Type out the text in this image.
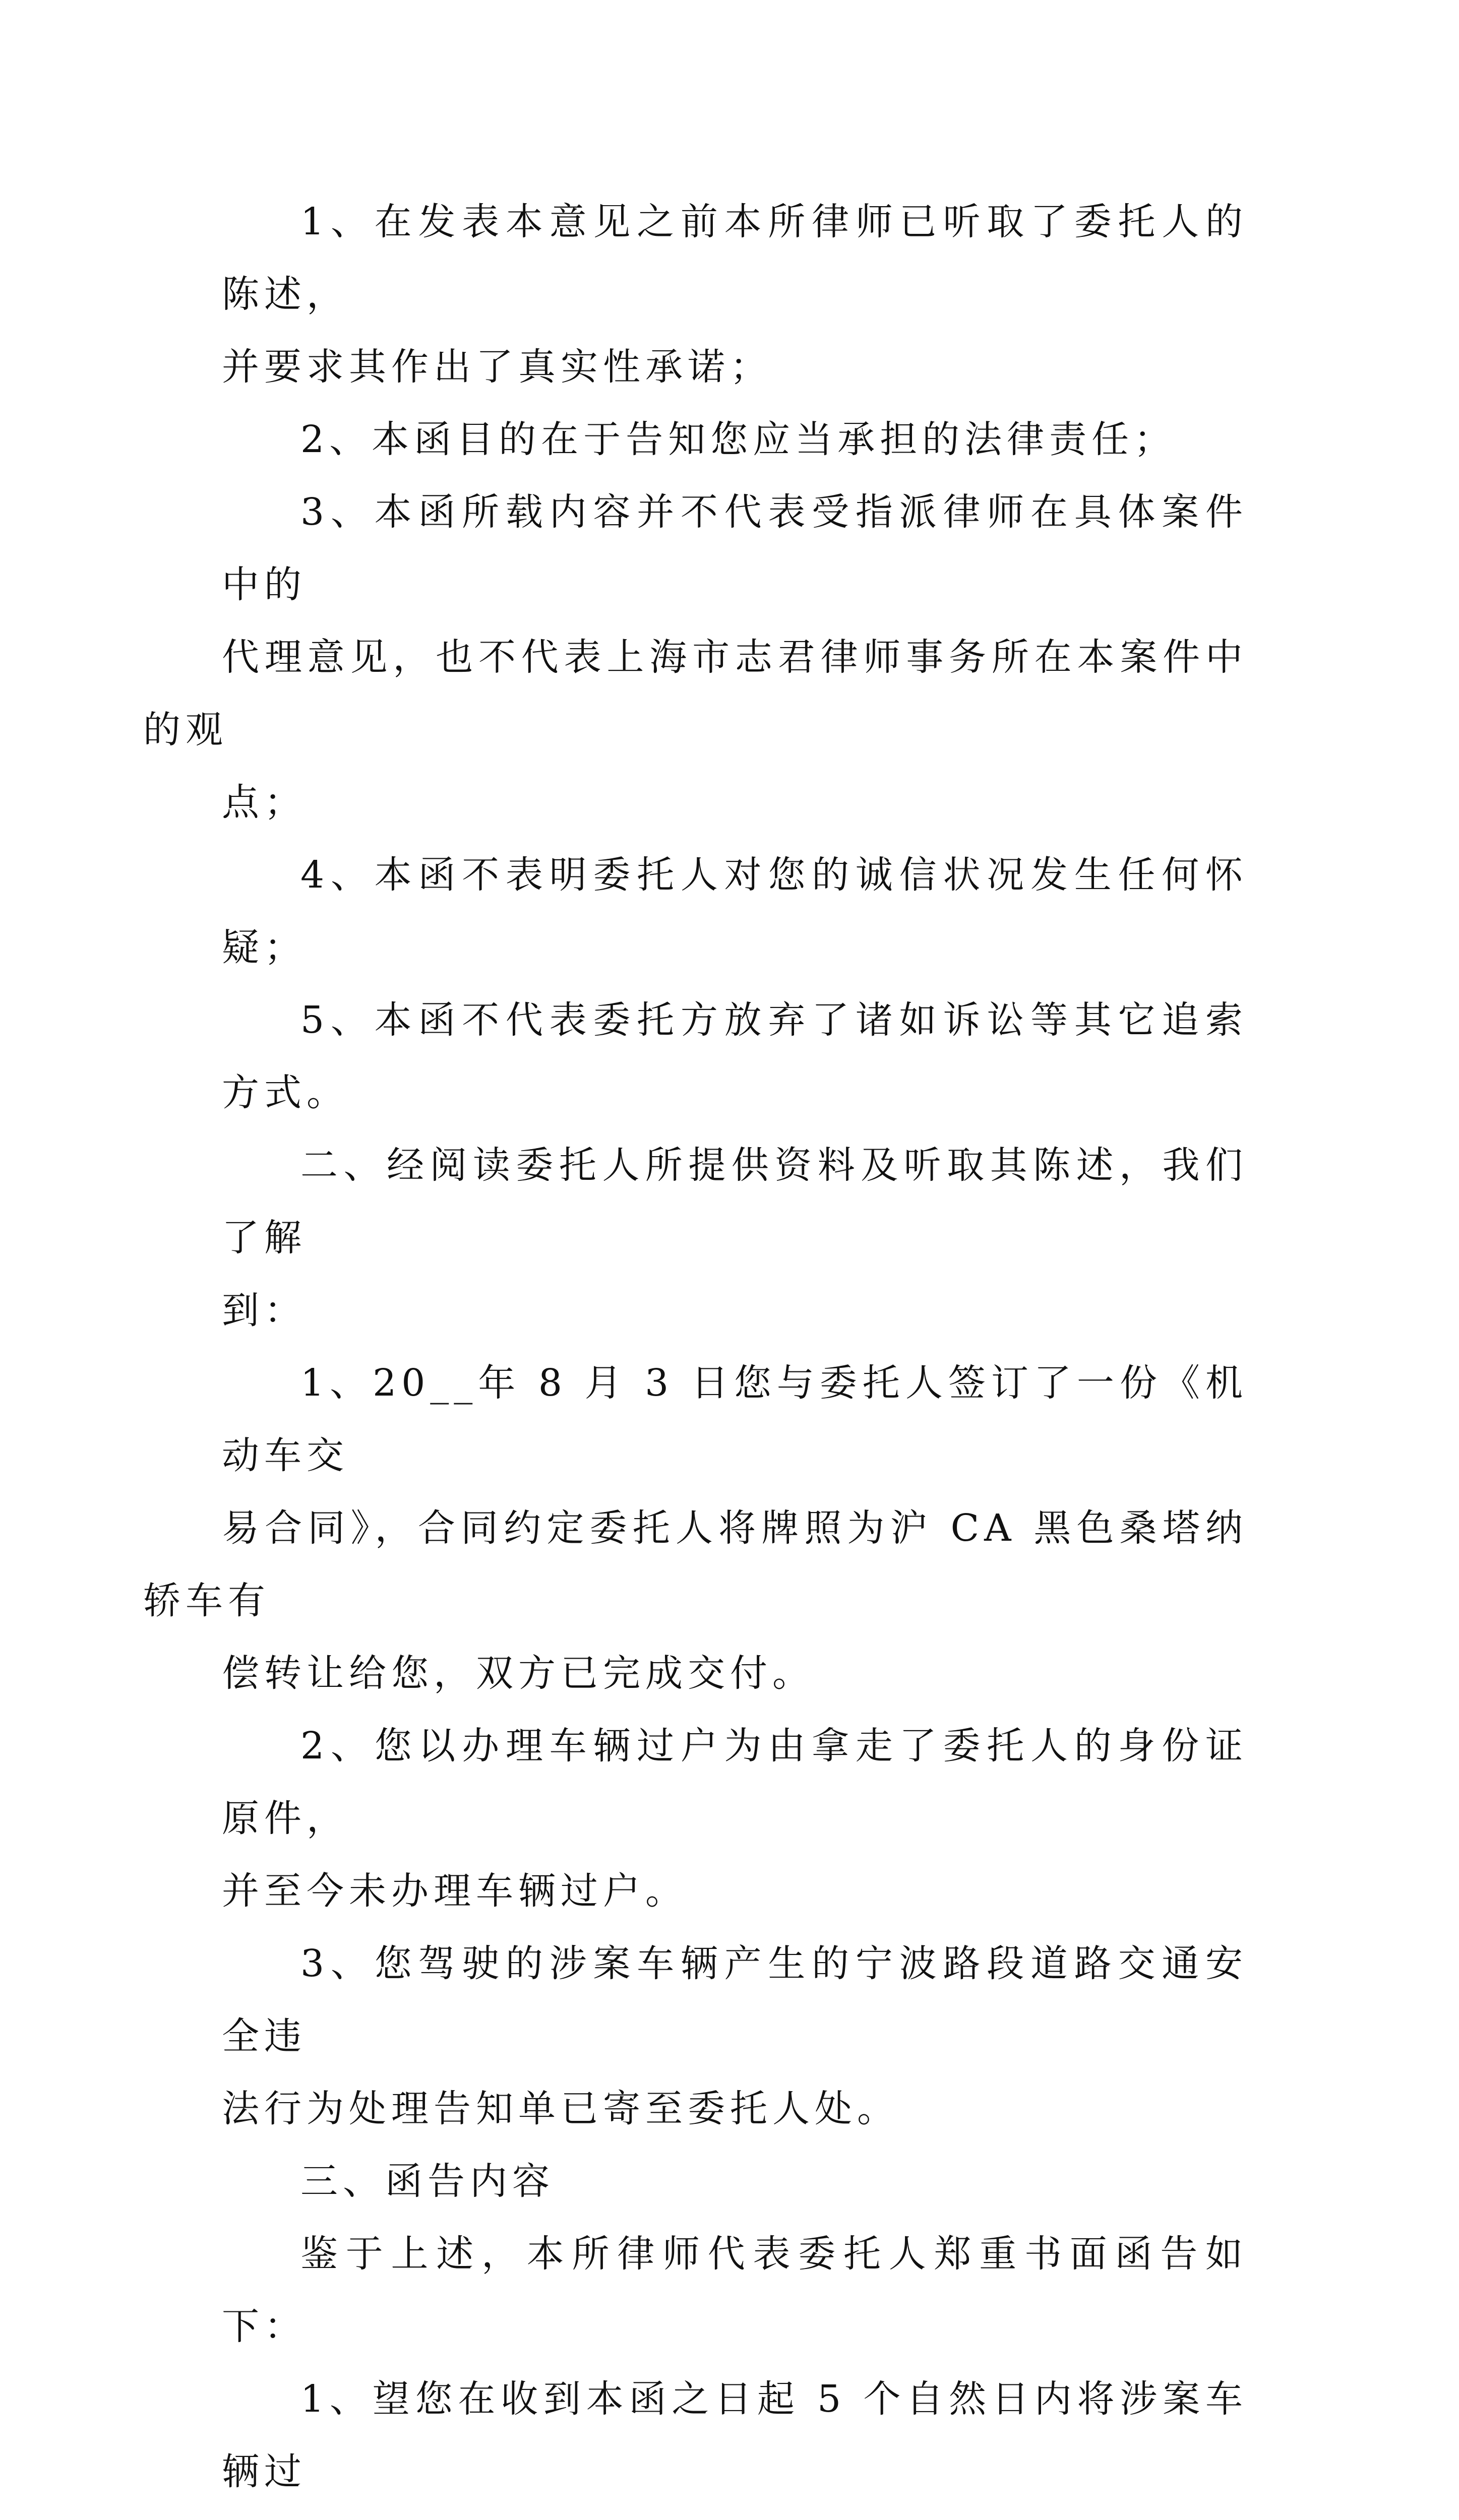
1、在发表本意见之前本所律师已听取了委托人的陈述，
并要求其作出了真实性承诺；

2、本函目的在于告知您应当承担的法律责任；

3、本函所载内容并不代表受指派律师在具体案件中的
代理意见，也不代表上海市志君律师事务所在本案件中的观
点；

4、本函不表明委托人对您的诚信状况发生任何怀疑；

5、本函不代表委托方放弃了诸如诉讼等其它追索方式。

二、经阅读委托人所提供资料及听取其陈述，我们了解
到：

1、20__年 8 月 3 日您与委托人签订了一份《机动车交
易合同》，合同约定委托人将牌照为沪 CA 黑色桑塔纳轿车有
偿转让给您，双方已完成交付。

2、您以办理车辆过户为由拿走了委托人的身份证原件，
并至今未办理车辆过户。

3、您驾驶的涉案车辆产生的宁波路段道路交通安全违
法行为处理告知单已寄至委托人处。

三、函告内容

鉴于上述，本所律师代表委托人郑重书面函告如下：

1、望您在收到本函之日起 5 个自然日内将涉案车辆过
